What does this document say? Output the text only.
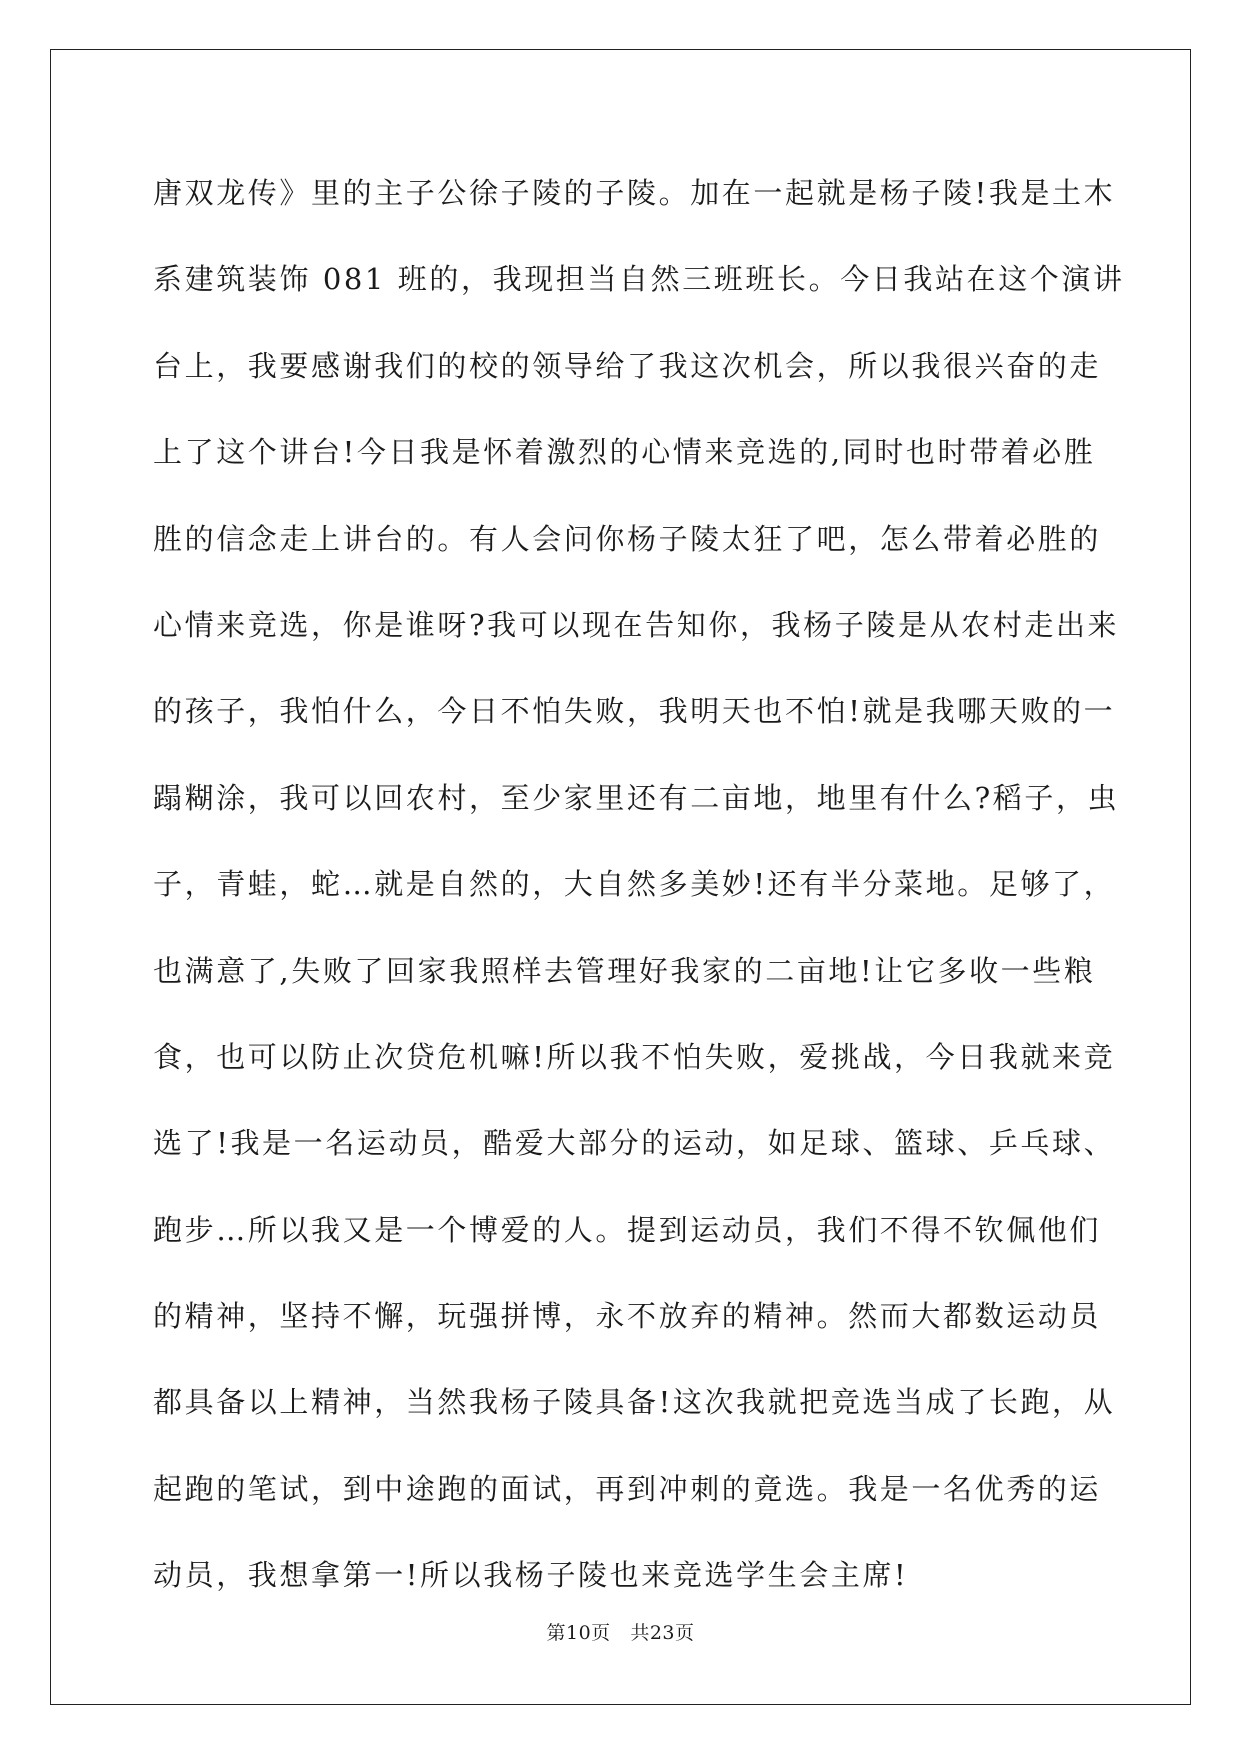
唐双龙传》里的主子公徐子陵的子陵。加在一起就是杨子陵!我是土木
系建筑装饰 081 班的，我现担当自然三班班长。今日我站在这个演讲
台上，我要感谢我们的校的领导给了我这次机会，所以我很兴奋的走
上了这个讲台!今日我是怀着激烈的心情来竞选的,同时也时带着必胜
胜的信念走上讲台的。有人会问你杨子陵太狂了吧，怎么带着必胜的
心情来竞选，你是谁呀?我可以现在告知你，我杨子陵是从农村走出来
的孩子，我怕什么，今日不怕失败，我明天也不怕!就是我哪天败的一
蹋糊涂，我可以回农村，至少家里还有二亩地，地里有什么?稻子，虫
子，青蛙，蛇…就是自然的，大自然多美妙!还有半分菜地。足够了，
也满意了,失败了回家我照样去管理好我家的二亩地!让它多收一些粮
食，也可以防止次贷危机嘛!所以我不怕失败，爱挑战，今日我就来竞
选了!我是一名运动员，酷爱大部分的运动，如足球、篮球、乒乓球、
跑步…所以我又是一个博爱的人。提到运动员，我们不得不钦佩他们
的精神，坚持不懈，玩强拼博，永不放弃的精神。然而大都数运动员
都具备以上精神，当然我杨子陵具备!这次我就把竞选当成了长跑，从
起跑的笔试，到中途跑的面试，再到冲刺的竟选。我是一名优秀的运
动员，我想拿第一!所以我杨子陵也来竞选学生会主席!
第10页 共23页
